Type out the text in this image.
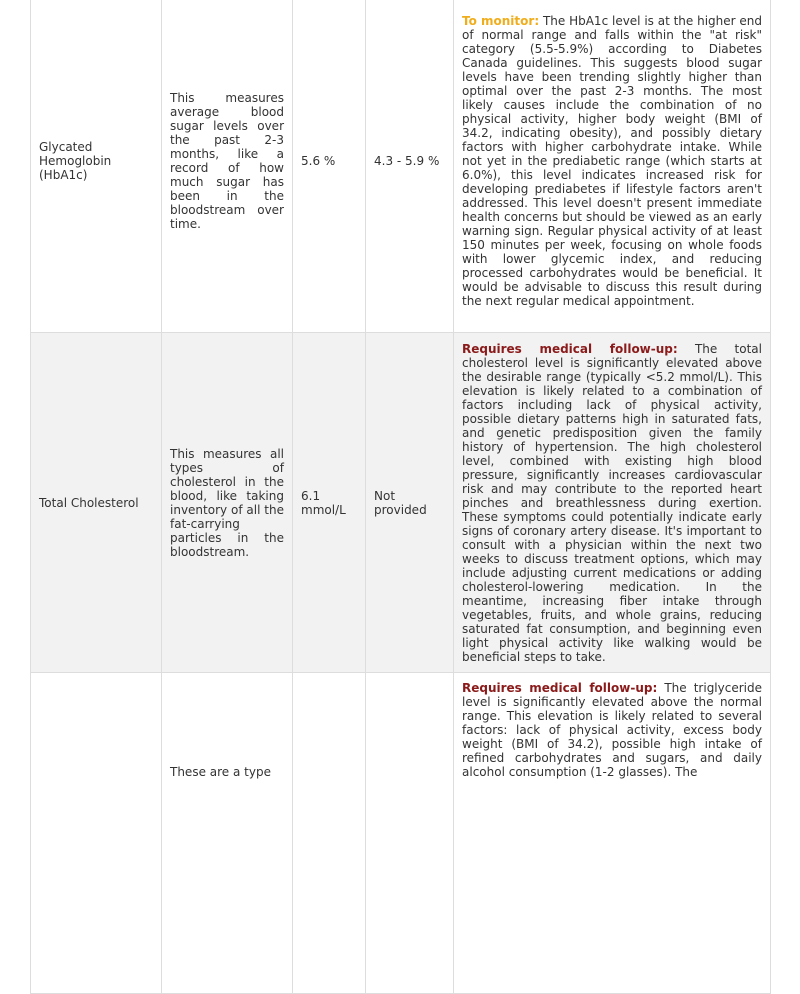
Glycated Hemoglobin (HbA1c)	This measures average blood sugar levels over the past 2-3 months, like a record of how much sugar has been in the bloodstream over time.	5.6 %	4.3 - 5.9 %	To monitor: The HbA1c level is at the higher end of normal range and falls within the "at risk" category (5.5-5.9%) according to Diabetes Canada guidelines. This suggests blood sugar levels have been trending slightly higher than optimal over the past 2-3 months. The most likely causes include the combination of no physical activity, higher body weight (BMI of 34.2, indicating obesity), and possibly dietary factors with higher carbohydrate intake. While not yet in the prediabetic range (which starts at 6.0%), this level indicates increased risk for developing prediabetes if lifestyle factors aren't addressed. This level doesn't present immediate health concerns but should be viewed as an early warning sign. Regular physical activity of at least 150 minutes per week, focusing on whole foods with lower glycemic index, and reducing processed carbohydrates would be beneficial. It would be advisable to discuss this result during the next regular medical appointment.
Total Cholesterol	This measures all types of cholesterol in the blood, like taking inventory of all the fat-carrying particles in the bloodstream.	6.1 mmol/L	Not provided	Requires medical follow-up: The total cholesterol level is significantly elevated above the desirable range (typically <5.2 mmol/L). This elevation is likely related to a combination of factors including lack of physical activity, possible dietary patterns high in saturated fats, and genetic predisposition given the family history of hypertension. The high cholesterol level, combined with existing high blood pressure, significantly increases cardiovascular risk and may contribute to the reported heart pinches and breathlessness during exertion. These symptoms could potentially indicate early signs of coronary artery disease. It's important to consult with a physician within the next two weeks to discuss treatment options, which may include adjusting current medications or adding cholesterol-lowering medication. In the meantime, increasing fiber intake through vegetables, fruits, and whole grains, reducing saturated fat consumption, and beginning even light physical activity like walking would be beneficial steps to take.
	These are a type			Requires medical follow-up: The triglyceride level is significantly elevated above the normal range. This elevation is likely related to several factors: lack of physical activity, excess body weight (BMI of 34.2), possible high intake of refined carbohydrates and sugars, and daily alcohol consumption (1-2 glasses). The
